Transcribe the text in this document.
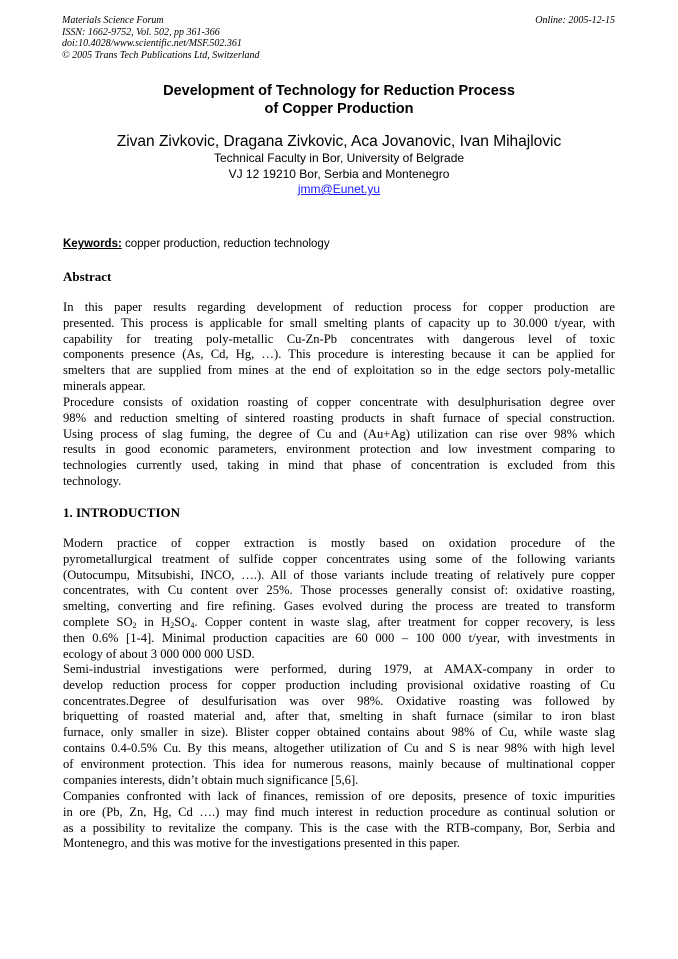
Materials Science Forum
ISSN: 1662-9752, Vol. 502, pp 361-366
doi:10.4028/www.scientific.net/MSF.502.361
© 2005 Trans Tech Publications Ltd, Switzerland
Online: 2005-12-15
Development of Technology for Reduction Process
of Copper Production
Zivan Zivkovic, Dragana Zivkovic, Aca Jovanovic, Ivan Mihajlovic
Technical Faculty in Bor, University of Belgrade
VJ 12 19210 Bor, Serbia and Montenegro
jmm@Eunet.yu
Keywords: copper production, reduction technology
Abstract
In this paper results regarding development of reduction process for copper production are
presented. This process is applicable for small smelting plants of capacity up to 30.000 t/year, with
capability for treating poly-metallic Cu-Zn-Pb concentrates with dangerous level of toxic
components presence (As, Cd, Hg, …). This procedure is interesting because it can be applied for
smelters that are supplied from mines at the end of exploitation so in the edge sectors poly-metallic
minerals appear.
Procedure consists of oxidation roasting of copper concentrate with desulphurisation degree over
98% and reduction smelting of sintered roasting products in shaft furnace of special construction.
Using process of slag fuming, the degree of Cu and (Au+Ag) utilization can rise over 98% which
results in good economic parameters, environment protection and low investment comparing to
technologies currently used, taking in mind that phase of concentration is excluded from this
technology.
1. INTRODUCTION
Modern practice of copper extraction is mostly based on oxidation procedure of the
pyrometallurgical treatment of sulfide copper concentrates using some of the following variants
(Outocumpu, Mitsubishi, INCO, ….). All of those variants include treating of relatively pure copper
concentrates, with Cu content over 25%. Those processes generally consist of: oxidative roasting,
smelting, converting and fire refining. Gases evolved during the process are treated to transform
complete $SO_2$ in $H_2SO_4$. Copper content in waste slag, after treatment for copper recovery, is less
then 0.6% [1-4]. Minimal production capacities are 60 000 – 100 000 t/year, with investments in
ecology of about 3 000 000 000 USD.
Semi-industrial investigations were performed, during 1979, at AMAX-company in order to
develop reduction process for copper production including provisional oxidative roasting of Cu
concentrates.Degree of desulfurisation was over 98%. Oxidative roasting was followed by
briquetting of roasted material and, after that, smelting in shaft furnace (similar to iron blast
furnace, only smaller in size). Blister copper obtained contains about 98% of Cu, while waste slag
contains 0.4-0.5% Cu. By this means, altogether utilization of Cu and S is near 98% with high level
of environment protection. This idea for numerous reasons, mainly because of multinational copper
companies interests, didn’t obtain much significance [5,6].
Companies confronted with lack of finances, remission of ore deposits, presence of toxic impurities
in ore (Pb, Zn, Hg, Cd ….) may find much interest in reduction procedure as continual solution or
as a possibility to revitalize the company. This is the case with the RTB-company, Bor, Serbia and
Montenegro, and this was motive for the investigations presented in this paper.
